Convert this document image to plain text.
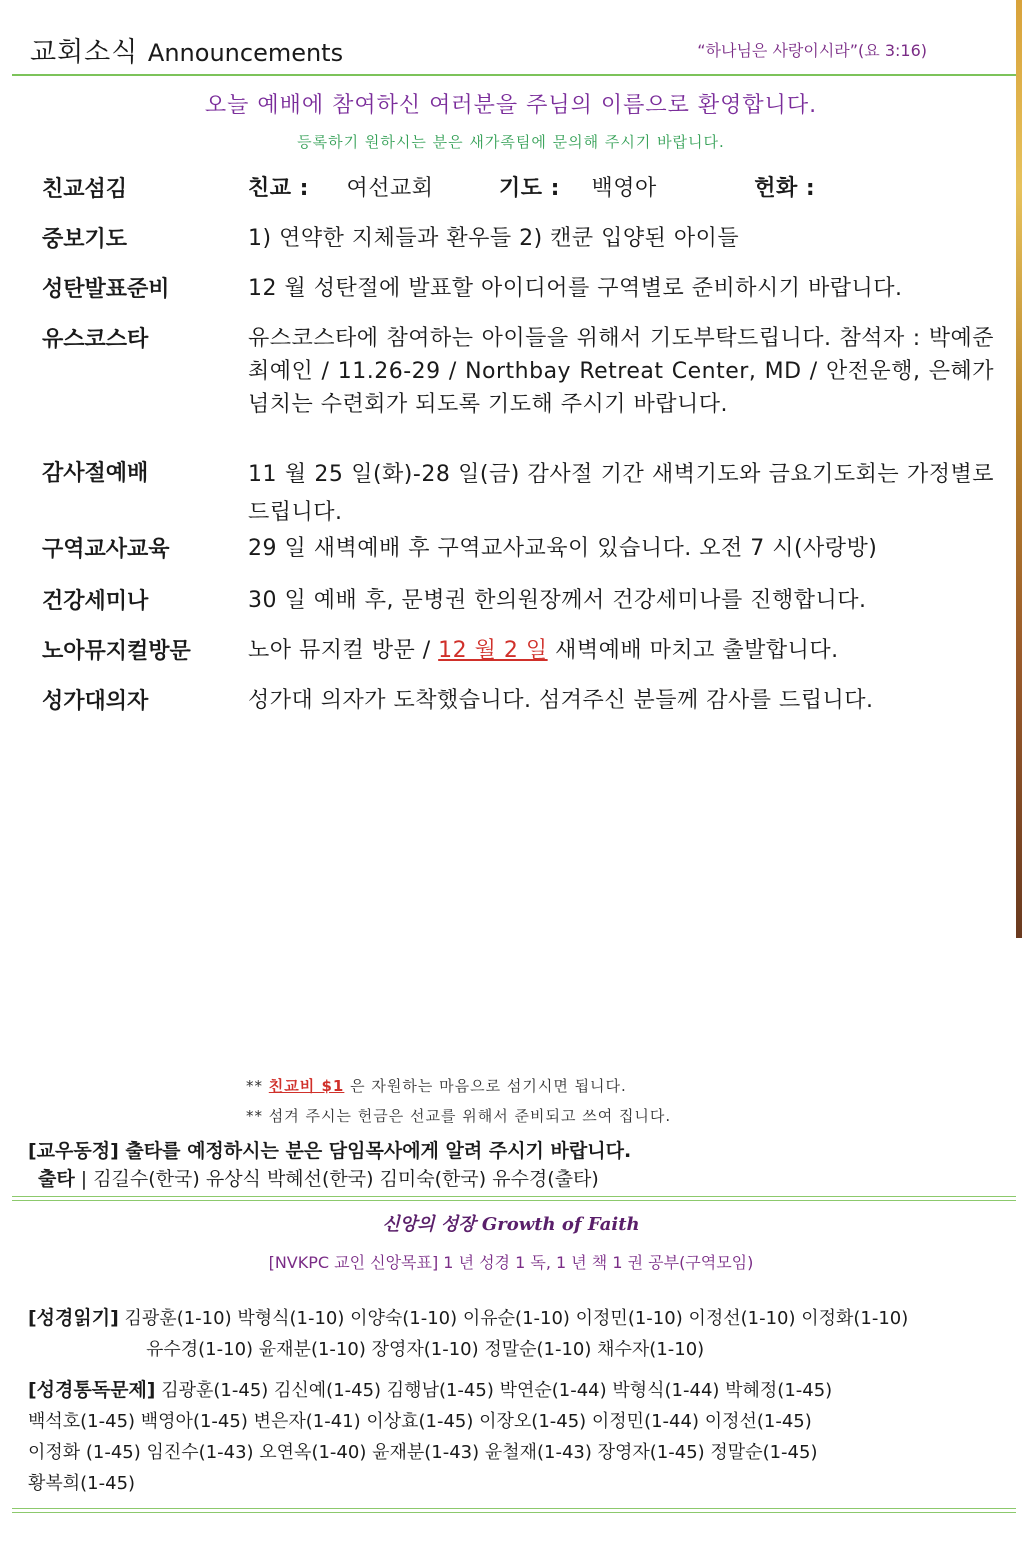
교회소식 Announcements	“하나님은 사랑이시라”(요 3:16)
오늘 예배에 참여하신 여러분을 주님의 이름으로 환영합니다.
등록하기 원하시는 분은 새가족팀에 문의해 주시기 바랍니다.
친교섬김	친교 : 여선교회	기도 : 백영아	헌화 :
중보기도	1) 연약한 지체들과 환우들 2) 캔쿤 입양된 아이들
성탄발표준비	12 월 성탄절에 발표할 아이디어를 구역별로 준비하시기 바랍니다.
유스코스타	유스코스타에 참여하는 아이들을 위해서 기도부탁드립니다. 참석자 : 박예준 최예인 / 11.26-29 / Northbay Retreat Center, MD / 안전운행, 은혜가 넘치는 수련회가 되도록 기도해 주시기 바랍니다.
감사절예배	11 월 25 일(화)-28 일(금) 감사절 기간 새벽기도와 금요기도회는 가정별로 드립니다.
구역교사교육	29 일 새벽예배 후 구역교사교육이 있습니다. 오전 7 시(사랑방)
건강세미나	30 일 예배 후, 문병권 한의원장께서 건강세미나를 진행합니다.
노아뮤지컬방문	노아 뮤지컬 방문 / 12 월 2 일 새벽예배 마치고 출발합니다.
성가대의자	성가대 의자가 도착했습니다. 섬겨주신 분들께 감사를 드립니다.
** 친교비 $1 은 자원하는 마음으로 섬기시면 됩니다.
** 섬겨 주시는 헌금은 선교를 위해서 준비되고 쓰여 집니다.
[교우동정] 출타를 예정하시는 분은 담임목사에게 알려 주시기 바랍니다.
출타 | 김길수(한국) 유상식 박혜선(한국) 김미숙(한국) 유수경(출타)
신앙의 성장 Growth of Faith
[NVKPC 교인 신앙목표] 1 년 성경 1 독, 1 년 책 1 권 공부(구역모임)
[성경읽기] 김광훈(1-10) 박형식(1-10) 이양숙(1-10) 이유순(1-10) 이정민(1-10) 이정선(1-10) 이정화(1-10)
유수경(1-10) 윤재분(1-10) 장영자(1-10) 정말순(1-10) 채수자(1-10)
[성경통독문제] 김광훈(1-45) 김신예(1-45) 김행남(1-45) 박연순(1-44) 박형식(1-44) 박혜정(1-45)
백석호(1-45) 백영아(1-45) 변은자(1-41) 이상효(1-45) 이장오(1-45) 이정민(1-44) 이정선(1-45)
이정화 (1-45) 임진수(1-43) 오연옥(1-40) 윤재분(1-43) 윤철재(1-43) 장영자(1-45) 정말순(1-45)
황복희(1-45)
